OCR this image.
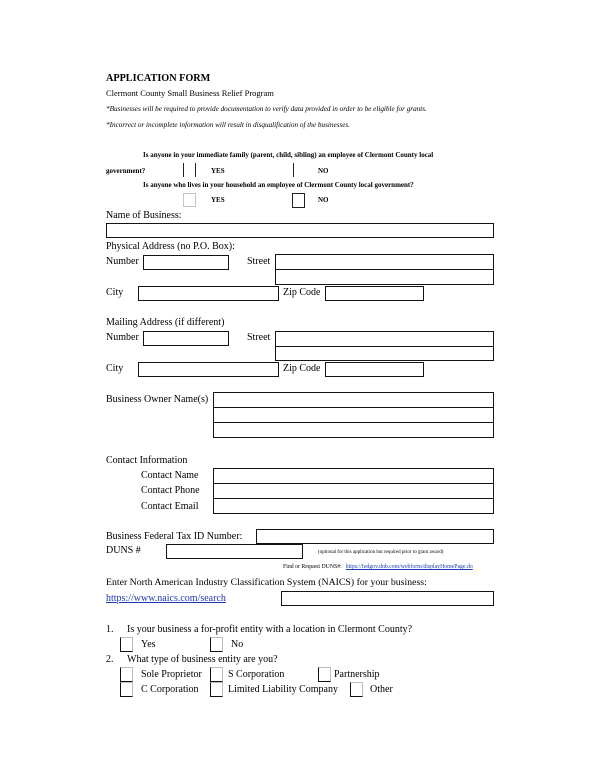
APPLICATION FORM

Clermont County Small Business Relief Program

*Businesses will be required to provide documentation to verify data provided in order to be eligible for grants.

*Incorrect or incomplete information will result in disqualification of the businesses.

Is anyone in your immediate family (parent, child, sibling) an employee of Clermont County local

government?	YES	NO

Is anyone who lives in your household an employee of Clermont County local government?

YES	NO
Name of Business:

Physical Address (no P.O. Box):

Number	Street
City	Zip Code

Mailing Address (if different)

Number	Street
City	Zip Code
Business Owner Name(s)

Contact Information

Contact Name
Contact Phone
Contact Email
Business Federal Tax ID Number:
DUNS #	(optional for this application but required prior to grant award)
Find or Request DUNS#: https://fedgov.dnb.com/webform/displayHomePage.do
Enter North American Industry Classification System (NAICS) for your business:
https://www.naics.com/search
1. Is your business a for-profit entity with a location in Clermont County?
Yes	No
2. What type of business entity are you?
Sole Proprietor	S Corporation	Partnership
C Corporation	Limited Liability Company	Other
